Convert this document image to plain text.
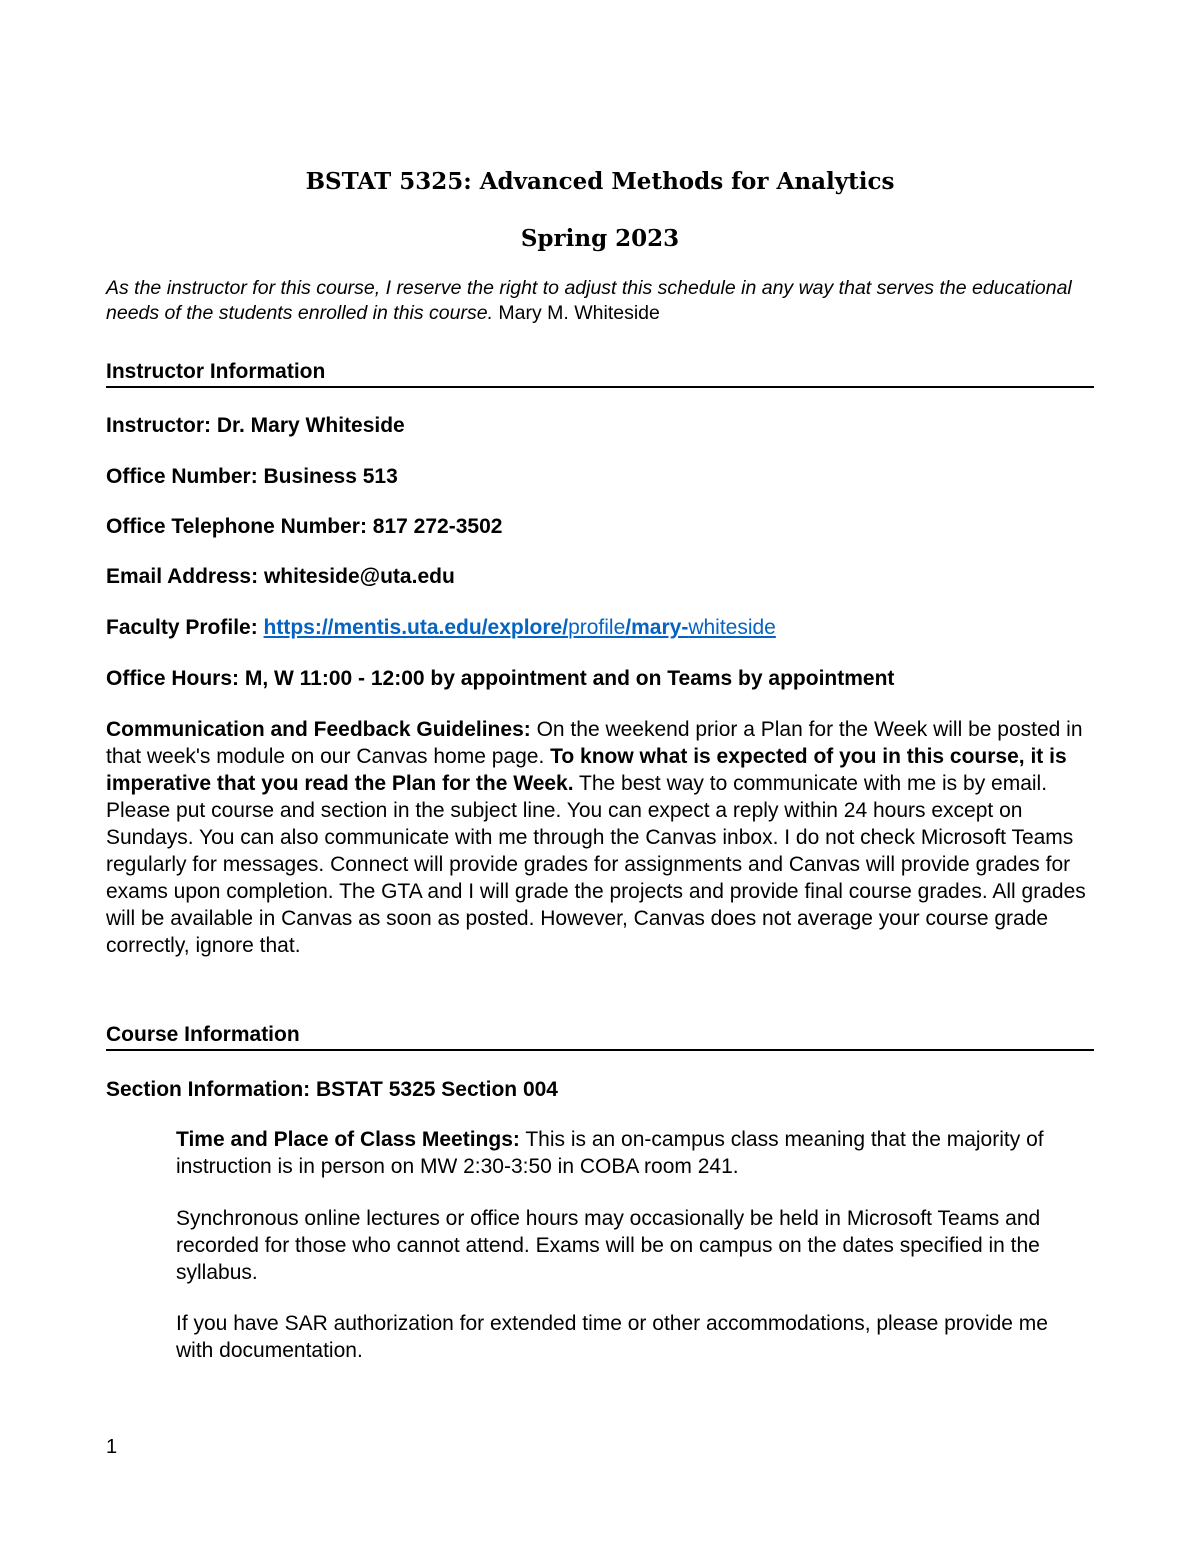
BSTAT 5325: Advanced Methods for Analytics
Spring 2023

As the instructor for this course, I reserve the right to adjust this schedule in any way that serves the educational needs of the students enrolled in this course. Mary M. Whiteside

Instructor Information

Instructor: Dr. Mary Whiteside

Office Number: Business 513

Office Telephone Number: 817 272-3502

Email Address: whiteside@uta.edu

Faculty Profile: https://mentis.uta.edu/explore/profile/mary-whiteside

Office Hours: M, W 11:00 - 12:00 by appointment and on Teams by appointment

Communication and Feedback Guidelines: On the weekend prior a Plan for the Week will be posted in that week's module on our Canvas home page. To know what is expected of you in this course, it is imperative that you read the Plan for the Week. The best way to communicate with me is by email. Please put course and section in the subject line. You can expect a reply within 24 hours except on Sundays. You can also communicate with me through the Canvas inbox. I do not check Microsoft Teams regularly for messages. Connect will provide grades for assignments and Canvas will provide grades for exams upon completion. The GTA and I will grade the projects and provide final course grades. All grades will be available in Canvas as soon as posted. However, Canvas does not average your course grade correctly, ignore that.

Course Information

Section Information: BSTAT 5325 Section 004

Time and Place of Class Meetings: This is an on-campus class meaning that the majority of instruction is in person on MW 2:30-3:50 in COBA room 241.

Synchronous online lectures or office hours may occasionally be held in Microsoft Teams and recorded for those who cannot attend. Exams will be on campus on the dates specified in the syllabus.

If you have SAR authorization for extended time or other accommodations, please provide me with documentation.

1
